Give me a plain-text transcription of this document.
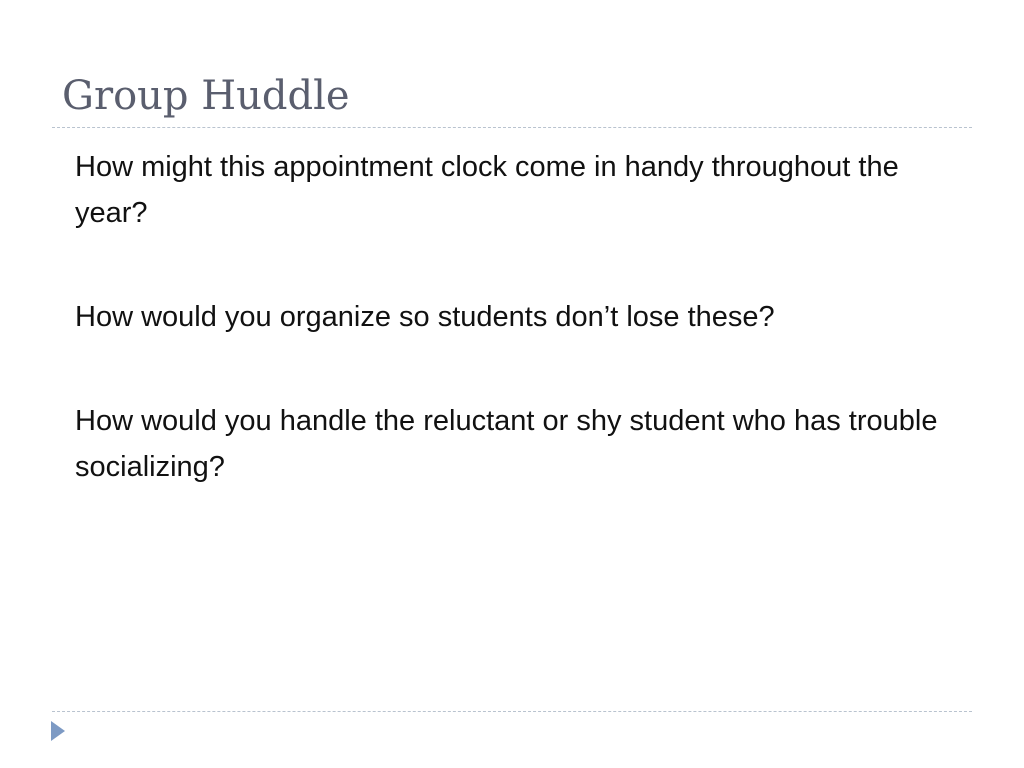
Group Huddle

How might this appointment clock come in handy throughout the year?

How would you organize so students don’t lose these?

How would you handle the reluctant or shy student who has trouble socializing?
